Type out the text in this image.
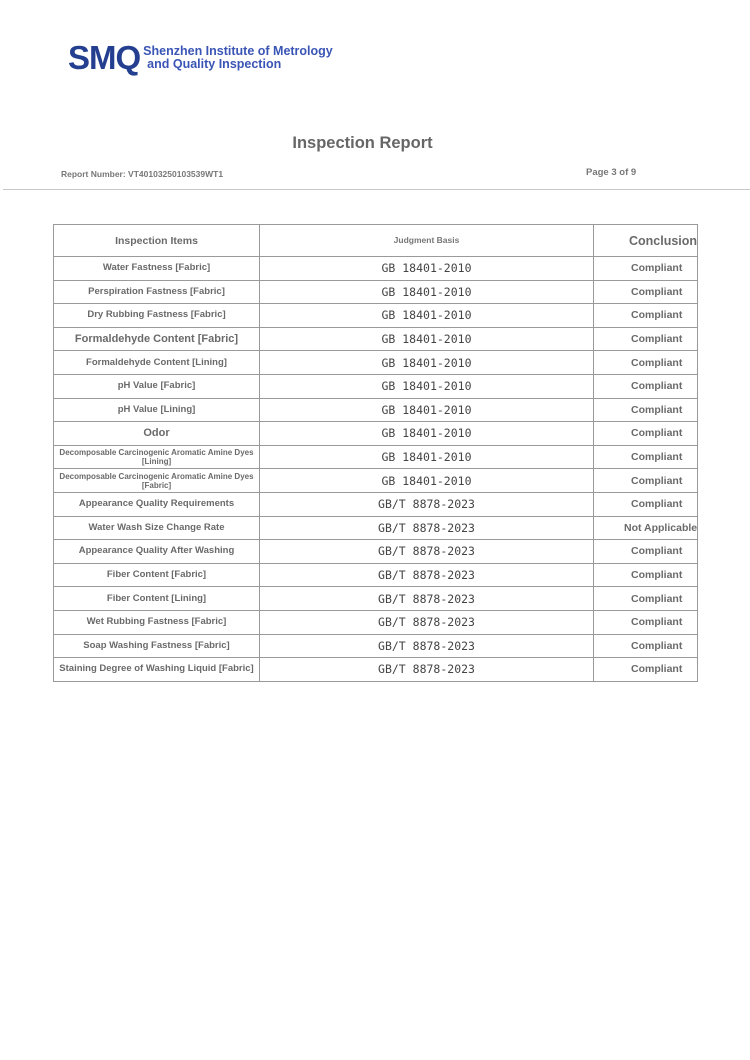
SMQ Shenzhen Institute of Metrology
and Quality Inspection
Inspection Report
Report Number: VT40103250103539WT1	Page 3 of 9
Inspection Items	Judgment Basis	Conclusion
Water Fastness [Fabric]	GB 18401-2010	Compliant
Perspiration Fastness [Fabric]	GB 18401-2010	Compliant
Dry Rubbing Fastness [Fabric]	GB 18401-2010	Compliant
Formaldehyde Content [Fabric]	GB 18401-2010	Compliant
Formaldehyde Content [Lining]	GB 18401-2010	Compliant
pH Value [Fabric]	GB 18401-2010	Compliant
pH Value [Lining]	GB 18401-2010	Compliant
Odor	GB 18401-2010	Compliant
Decomposable Carcinogenic Aromatic Amine Dyes [Lining]	GB 18401-2010	Compliant
Decomposable Carcinogenic Aromatic Amine Dyes [Fabric]	GB 18401-2010	Compliant
Appearance Quality Requirements	GB/T 8878-2023	Compliant
Water Wash Size Change Rate	GB/T 8878-2023	Not Applicable
Appearance Quality After Washing	GB/T 8878-2023	Compliant
Fiber Content [Fabric]	GB/T 8878-2023	Compliant
Fiber Content [Lining]	GB/T 8878-2023	Compliant
Wet Rubbing Fastness [Fabric]	GB/T 8878-2023	Compliant
Soap Washing Fastness [Fabric]	GB/T 8878-2023	Compliant
Staining Degree of Washing Liquid [Fabric]	GB/T 8878-2023	Compliant
